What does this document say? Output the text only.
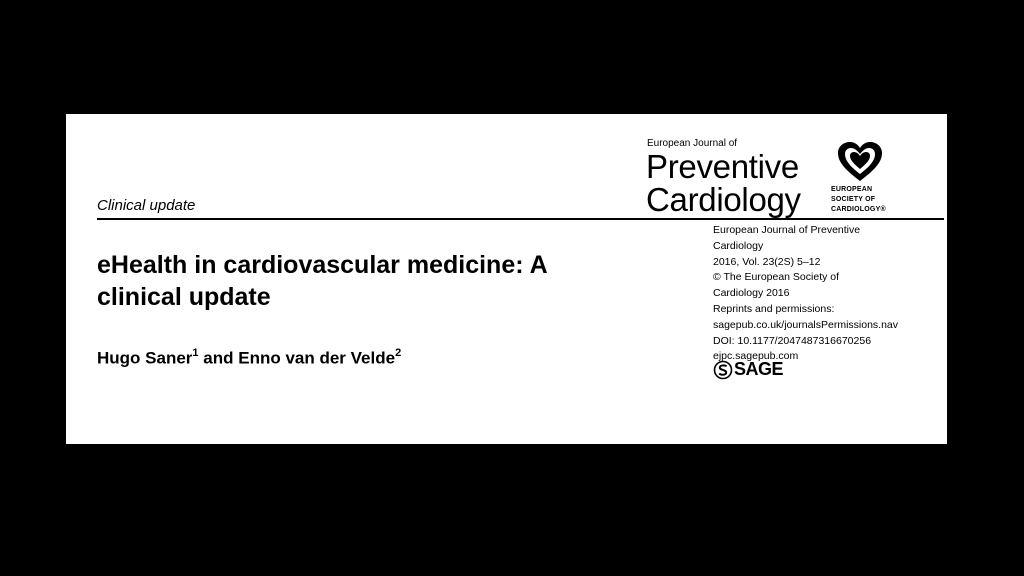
Clinical update
eHealth in cardiovascular medicine: A clinical update
Hugo Saner$^1$ and Enno van der Velde$^2$
European Journal of
Preventive
Cardiology	EUROPEAN
SOCIETY OF
CARDIOLOGY®
European Journal of Preventive
Cardiology
2016, Vol. 23(2S) 5–12
© The European Society of
Cardiology 2016
Reprints and permissions:
sagepub.co.uk/journalsPermissions.nav
DOI: 10.1177/2047487316670256
ejpc.sagepub.com
SAGE
